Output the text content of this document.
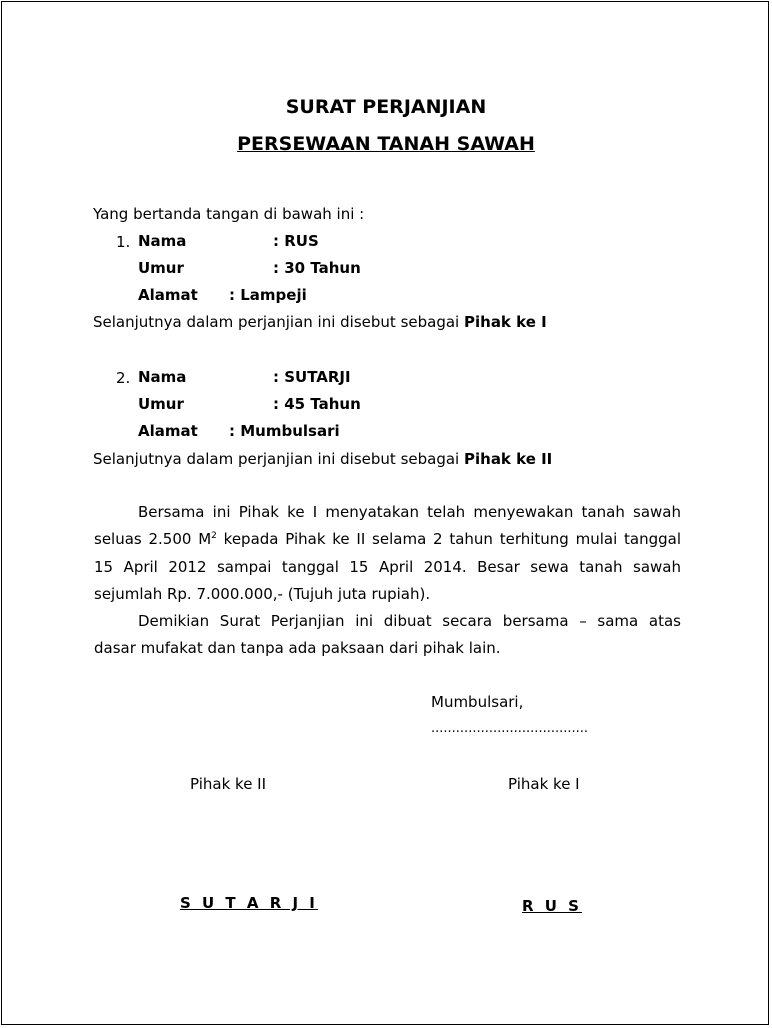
SURAT PERJANJIAN
PERSEWAAN TANAH SAWAH
Yang bertanda tangan di bawah ini :
1. Nama	: RUS
Umur	: 30 Tahun
Alamat : Lampeji
Selanjutnya dalam perjanjian ini disebut sebagai Pihak ke I
2. Nama	: SUTARJI
Umur	: 45 Tahun
Alamat : Mumbulsari
Selanjutnya dalam perjanjian ini disebut sebagai Pihak ke II
Bersama ini Pihak ke I menyatakan telah menyewakan tanah sawah
seluas 2.500 $M^2$ kepada Pihak ke II selama 2 tahun terhitung mulai tanggal
15 April 2012 sampai tanggal 15 April 2014. Besar sewa tanah sawah
sejumlah Rp. 7.000.000,- (Tujuh juta rupiah).
Demikian Surat Perjanjian ini dibuat secara bersama – sama atas
dasar mufakat dan tanpa ada paksaan dari pihak lain.
Mumbulsari,
......................................
Pihak ke II	Pihak ke I
S U T A R J I	R U S
